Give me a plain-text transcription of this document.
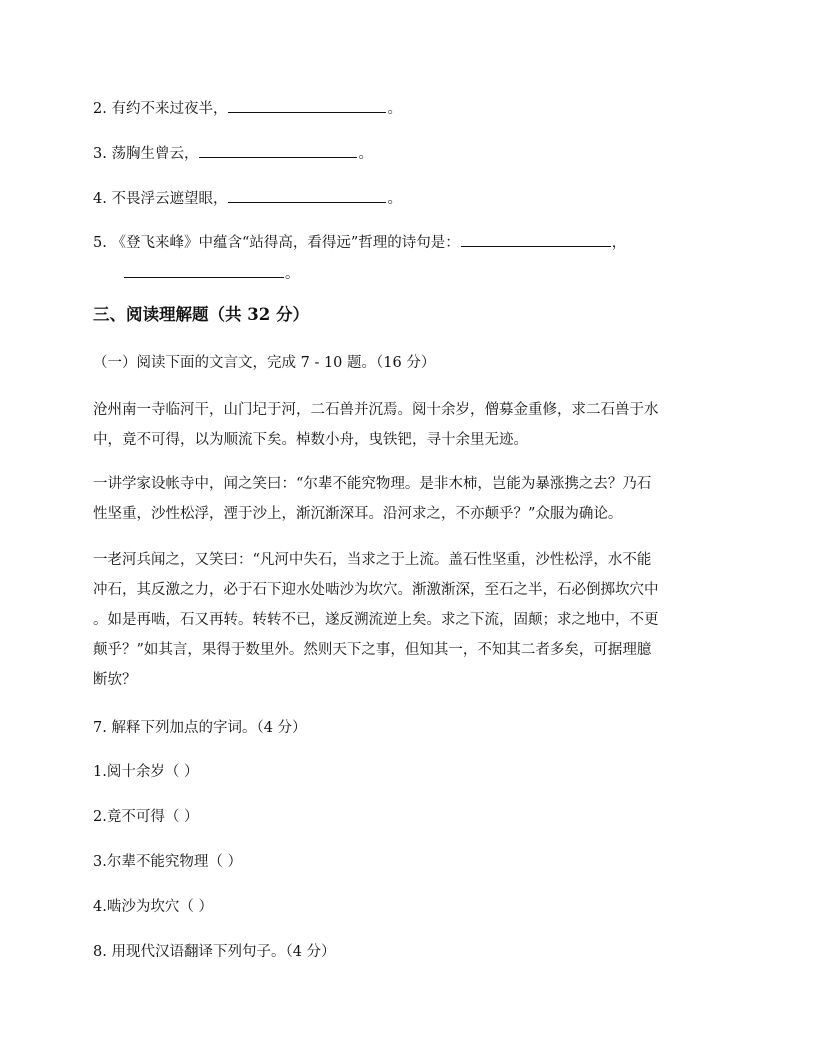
2. 有约不来过夜半，	。
3. 荡胸生曾云，	。
4. 不畏浮云遮望眼，	。
5. 《登飞来峰》中蕴含“站得高，看得远”哲理的诗句是：	，
。
三、阅读理解题（共 32 分）
（一）阅读下面的文言文，完成 7 - 10 题。（16 分）
沧州南一寺临河干，山门圮于河，二石兽并沉焉。阅十余岁，僧募金重修，求二石兽于水
中，竟不可得，以为顺流下矣。棹数小舟，曳铁钯，寻十余里无迹。
一讲学家设帐寺中，闻之笑曰：“尔辈不能究物理。是非木柿，岂能为暴涨携之去？乃石
性坚重，沙性松浮，湮于沙上，渐沉渐深耳。沿河求之，不亦颠乎？”众服为确论。
一老河兵闻之，又笑曰：“凡河中失石，当求之于上流。盖石性坚重，沙性松浮，水不能
冲石，其反激之力，必于石下迎水处啮沙为坎穴。渐激渐深，至石之半，石必倒掷坎穴中
。如是再啮，石又再转。转转不已，遂反溯流逆上矣。求之下流，固颠；求之地中，不更
颠乎？”如其言，果得于数里外。然则天下之事，但知其一，不知其二者多矣，可据理臆
断欤？
7. 解释下列加点的字词。（4 分）
1.阅十余岁（ ）
2.竟不可得（ ）
3.尔辈不能究物理（ ）
4.啮沙为坎穴（ ）
8. 用现代汉语翻译下列句子。（4 分）
